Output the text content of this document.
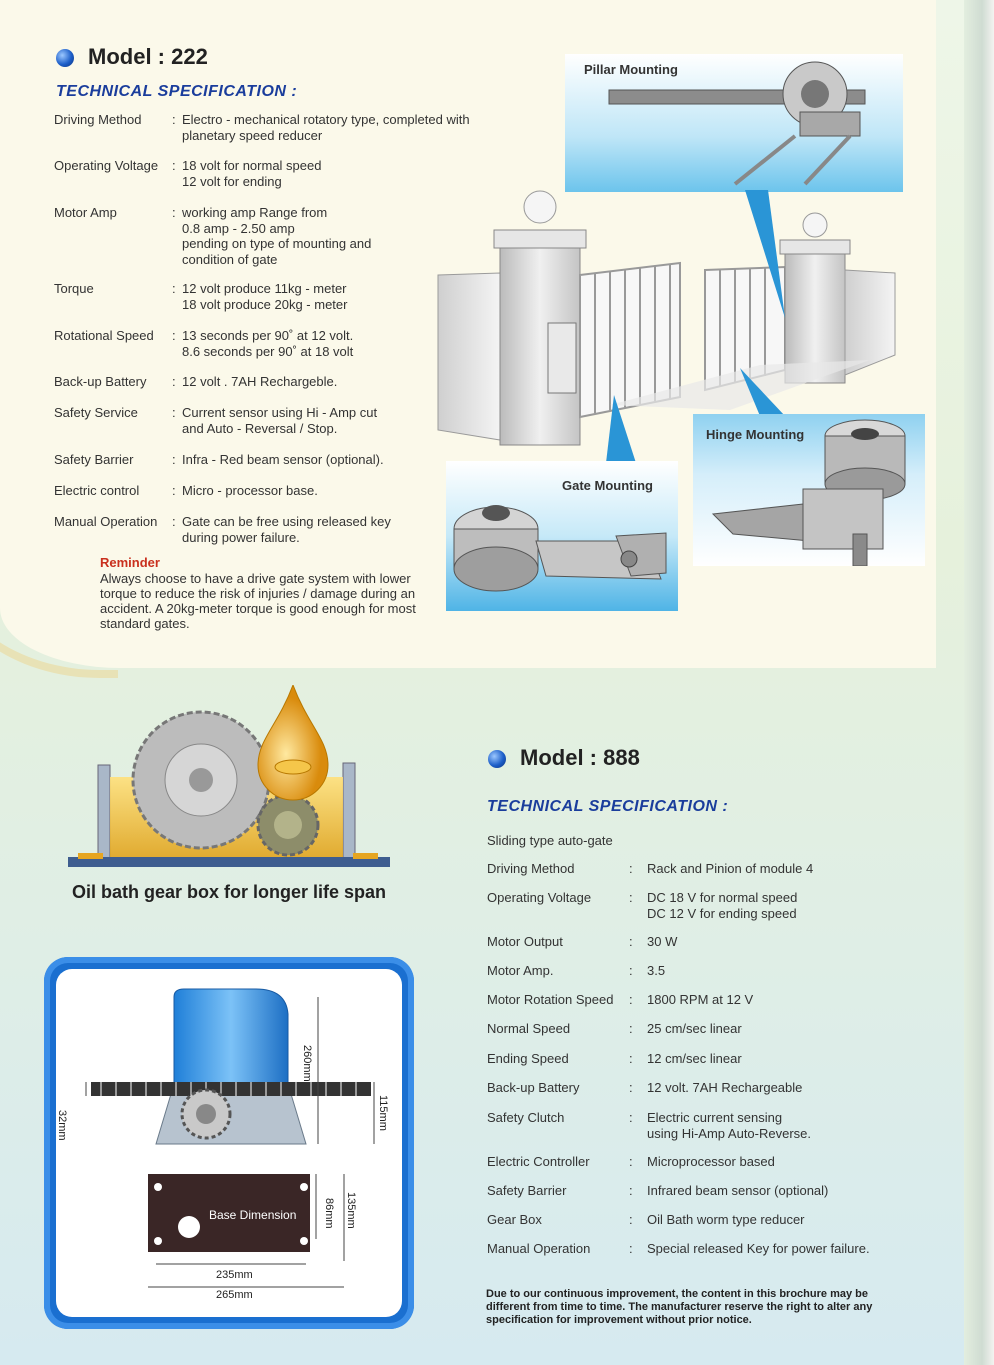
Model : 222
TECHNICAL SPECIFICATION :
Driving Method : Electro - mechanical rotatory type, completed with
planetary speed reducer
Operating Voltage : 18 volt for normal speed
12 volt for ending
Motor Amp	: working amp Range from
0.8 amp - 2.50 amp
pending on type of mounting and
condition of gate
Torque	: 12 volt produce 11kg - meter
18 volt produce 20kg - meter
Rotational Speed : 13 seconds per 90˚ at 12 volt.
8.6 seconds per 90˚ at 18 volt
Back-up Battery : 12 volt . 7AH Rechargeble.
Safety Service	: Current sensor using Hi - Amp cut
and Auto - Reversal / Stop.
Safety Barrier	: Infra - Red beam sensor (optional).
Electric control	: Micro - processor base.
Manual Operation : Gate can be free using released key
during power failure.
Reminder
Always choose to have a drive gate system with lower torque to reduce the risk of injuries / damage during an accident. A 20kg-meter torque is good enough for most standard gates.
Pillar Mounting
Gate Mounting
Hinge Mounting
Oil bath gear box for longer life span
260mm
32mm	115mm
135mm
86mm
Base Dimension
235mm
265mm
Model : 888
TECHNICAL SPECIFICATION :
Sliding type auto-gate
Driving Method	: Rack and Pinion of module 4
Operating Voltage	: DC 18 V for normal speed
DC 12 V for ending speed
Motor Output	: 30 W
Motor Amp.	: 3.5
Motor Rotation Speed : 1800 RPM at 12 V
Normal Speed	: 25 cm/sec linear
Ending Speed	: 12 cm/sec linear
Back-up Battery	: 12 volt. 7AH Rechargeable
Safety Clutch	: Electric current sensing
using Hi-Amp Auto-Reverse.
Electric Controller	: Microprocessor based
Safety Barrier	: Infrared beam sensor (optional)
Gear Box	: Oil Bath worm type reducer
Manual Operation	: Special released Key for power failure.
Due to our continuous improvement, the content in this brochure may be different from time to time. The manufacturer reserve the right to alter any specification for improvement without prior notice.
